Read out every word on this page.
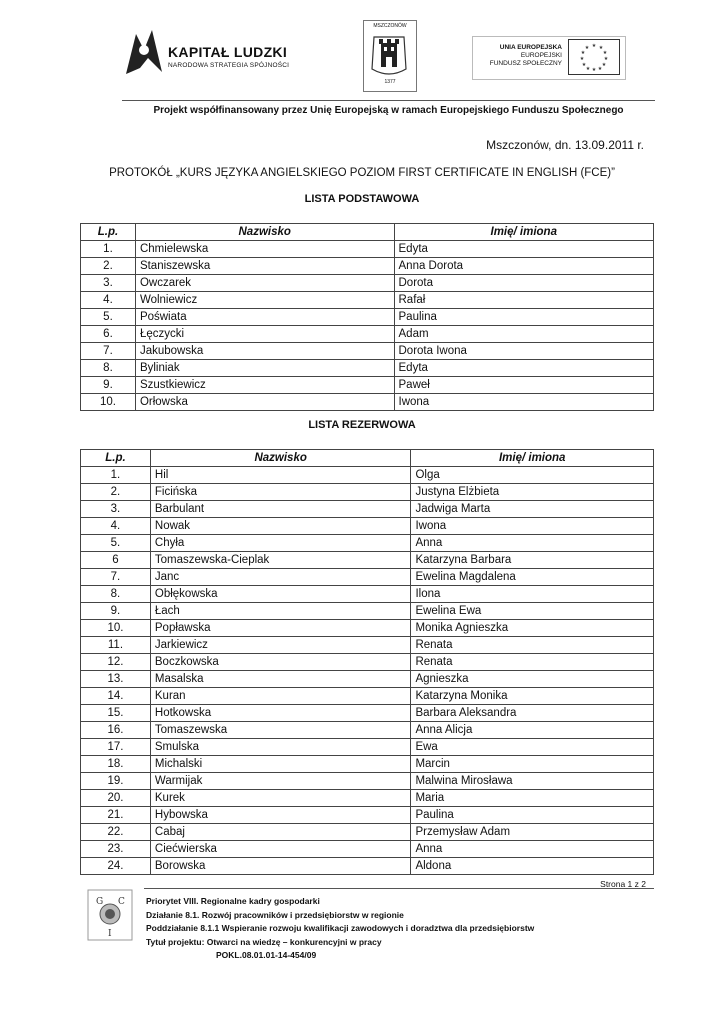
KAPITAŁ LUDZKI
NARODOWA STRATEGIA SPÓJNOŚCI
MSZCZONÓW
1377
UNIA EUROPEJSKA
EUROPEJSKI
FUNDUSZ SPOŁECZNY
★ ★
★
★
★
★
★
★
★
★
★
★
Projekt współfinansowany przez Unię Europejską w ramach Europejskiego Funduszu Społecznego
Mszczonów, dn. 13.09.2011 r.
PROTOKÓŁ „KURS JĘZYKA ANGIELSKIEGO POZIOM FIRST CERTIFICATE IN ENGLISH (FCE)”
LISTA PODSTAWOWA
L.p.	Nazwisko	Imię/ imiona
1.	Chmielewska	Edyta
2.	Staniszewska	Anna Dorota
3.	Owczarek	Dorota
4.	Wolniewicz	Rafał
5.	Poświata	Paulina
6.	Łęczycki	Adam
7.	Jakubowska	Dorota Iwona
8.	Byliniak	Edyta
9.	Szustkiewicz	Paweł
10.	Orłowska	Iwona
LISTA REZERWOWA
L.p.	Nazwisko	Imię/ imiona
1.	Hil	Olga
2.	Ficińska	Justyna Elżbieta
3.	Barbulant	Jadwiga Marta
4.	Nowak	Iwona
5.	Chyła	Anna
6	Tomaszewska-Cieplak	Katarzyna Barbara
7.	Janc	Ewelina Magdalena
8.	Obłękowska	Ilona
9.	Łach	Ewelina Ewa
10.	Popławska	Monika Agnieszka
11.	Jarkiewicz	Renata
12.	Boczkowska	Renata
13.	Masalska	Agnieszka
14.	Kuran	Katarzyna Monika
15.	Hotkowska	Barbara Aleksandra
16.	Tomaszewska	Anna Alicja
17.	Smulska	Ewa
18.	Michalski	Marcin
19.	Warmijak	Malwina Mirosława
20.	Kurek	Maria
21.	Hybowska	Paulina
22.	Cabaj	Przemysław Adam
23.	Ciećwierska	Anna
24.	Borowska	Aldona
Strona 1 z 2
G C
I
Priorytet VIII. Regionalne kadry gospodarki
Działanie 8.1. Rozwój pracowników i przedsiębiorstw w regionie
Poddziałanie 8.1.1 Wspieranie rozwoju kwalifikacji zawodowych i doradztwa dla przedsiębiorstw
Tytuł projektu: Otwarci na wiedzę – konkurencyjni w pracy
POKL.08.01.01-14-454/09
